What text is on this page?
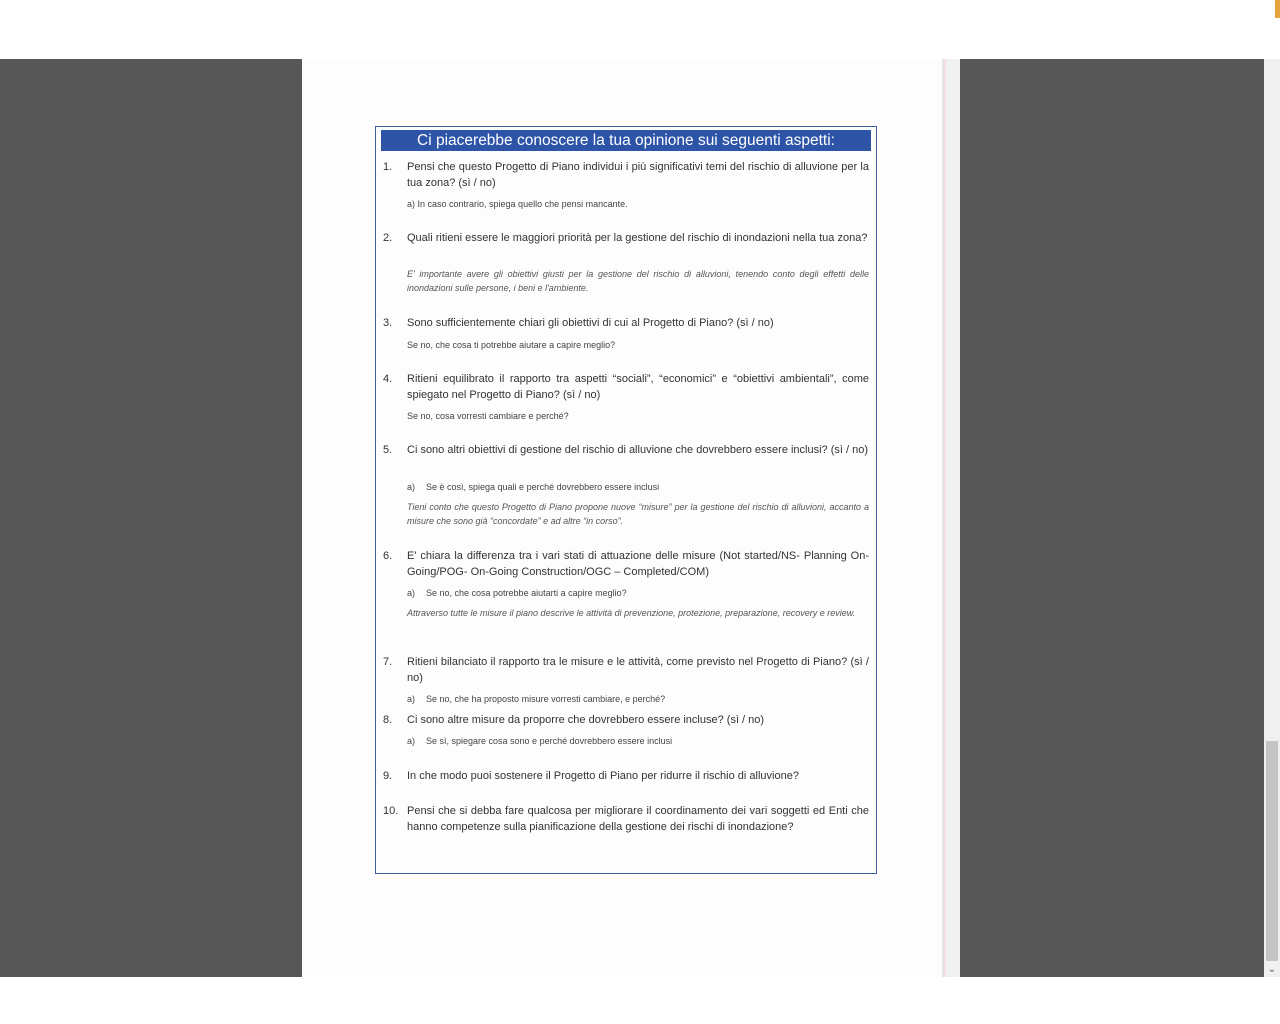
Ci piacerebbe conoscere la tua opinione sui seguenti aspetti:
1. Pensi che questo Progetto di Piano individui i più significativi temi del rischio di alluvione per la tua zona? (sì / no)
a) In caso contrario, spiega quello che pensi mancante.
2. Quali ritieni essere le maggiori priorità per la gestione del rischio di inondazioni nella tua zona?
E' importante avere gli obiettivi giusti per la gestione del rischio di alluvioni, tenendo conto degli effetti delle inondazioni sulle persone, i beni e l'ambiente.
3. Sono sufficientemente chiari gli obiettivi di cui al Progetto di Piano? (sì / no)
Se no, che cosa ti potrebbe aiutare a capire meglio?
4. Ritieni equilibrato il rapporto tra aspetti “sociali”, “economici” e “obiettivi ambientali”, come spiegato nel Progetto di Piano? (sì / no)
Se no, cosa vorresti cambiare e perché?
5. Ci sono altri obiettivi di gestione del rischio di alluvione che dovrebbero essere inclusi? (sì / no)
a) Se è così, spiega quali e perché dovrebbero essere inclusi
Tieni conto che questo Progetto di Piano propone nuove “misure” per la gestione del rischio di alluvioni, accanto a misure che sono già “concordate” e ad altre “in corso”.
6. E' chiara la differenza tra i vari stati di attuazione delle misure (Not started/NS- Planning On-Going/POG- On-Going Construction/OGC – Completed/COM)
a) Se no, che cosa potrebbe aiutarti a capire meglio?
Attraverso tutte le misure il piano descrive le attività di prevenzione, protezione, preparazione, recovery e review.
7. Ritieni bilanciato il rapporto tra le misure e le attività, come previsto nel Progetto di Piano? (sì / no)
a) Se no, che ha proposto misure vorresti cambiare, e perché?
8. Ci sono altre misure da proporre che dovrebbero essere incluse? (sì / no)
a) Se sì, spiegare cosa sono e perché dovrebbero essere inclusi
9. In che modo puoi sostenere il Progetto di Piano per ridurre il rischio di alluvione?
10. Pensi che si debba fare qualcosa per migliorare il coordinamento dei vari soggetti ed Enti che hanno competenze sulla pianificazione della gestione dei rischi di inondazione?
⌄
